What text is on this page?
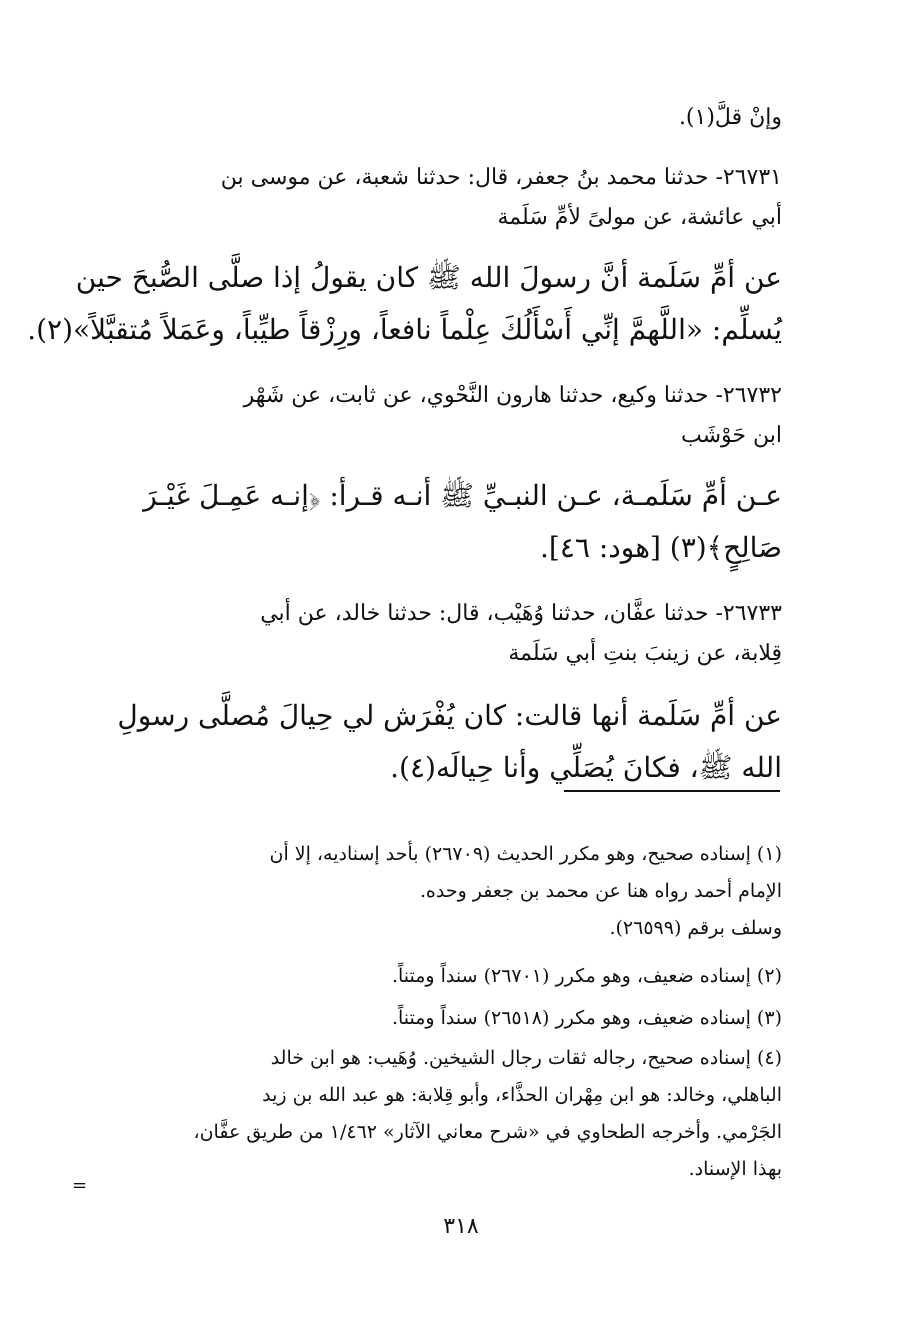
وإنْ قلَّ(١).
٢٦٧٣١- حدثنا محمد بنُ جعفر، قال: حدثنا شعبة، عن موسى بن
أبي عائشة، عن مولىً لأمِّ سَلَمة
عن أمِّ سَلَمة أنَّ رسولَ الله ﷺ كان يقولُ إذا صلَّى الصُّبحَ حين
يُسلِّم: «اللَّهمَّ إنِّي أَسْأَلُكَ عِلْماً نافعاً، ورِزْقاً طيِّباً، وعَمَلاً مُتقبَّلاً»(٢).
٢٦٧٣٢- حدثنا وكيع، حدثنا هارون النَّحْوي، عن ثابت، عن شَهْر
ابن حَوْشَب
عـن أمِّ سَلَمـة، عـن النبـيِّ ﷺ أنـه قـرأ: ﴿إنـه عَمِـلَ غَيْـرَ
صَالِحٍ﴾(٣) [هود: ٤٦].
٢٦٧٣٣- حدثنا عفَّان، حدثنا وُهَيْب، قال: حدثنا خالد، عن أبي
قِلابة، عن زينبَ بنتِ أبي سَلَمة
عن أمِّ سَلَمة أنها قالت: كان يُفْرَش لي حِيالَ مُصلَّى رسولِ
الله ﷺ، فكانَ يُصَلِّي وأنا حِيالَه(٤).
(١) إسناده صحيح، وهو مكرر الحديث (٢٦٧٠٩) بأحد إسناديه، إلا أن
الإمام أحمد رواه هنا عن محمد بن جعفر وحده.
وسلف برقم (٢٦٥٩٩).
(٢) إسناده ضعيف، وهو مكرر (٢٦٧٠١) سنداً ومتناً.
(٣) إسناده ضعيف، وهو مكرر (٢٦٥١٨) سنداً ومتناً.
(٤) إسناده صحيح، رجاله ثقات رجال الشيخين. وُهَيب: هو ابن خالد
الباهلي، وخالد: هو ابن مِهْران الحذَّاء، وأبو قِلابة: هو عبد الله بن زيد
الجَرْمي. وأخرجه الطحاوي في «شرح معاني الآثار» ١/٤٦٢ من طريق عفَّان،
بهذا الإسناد.
=
٣١٨
